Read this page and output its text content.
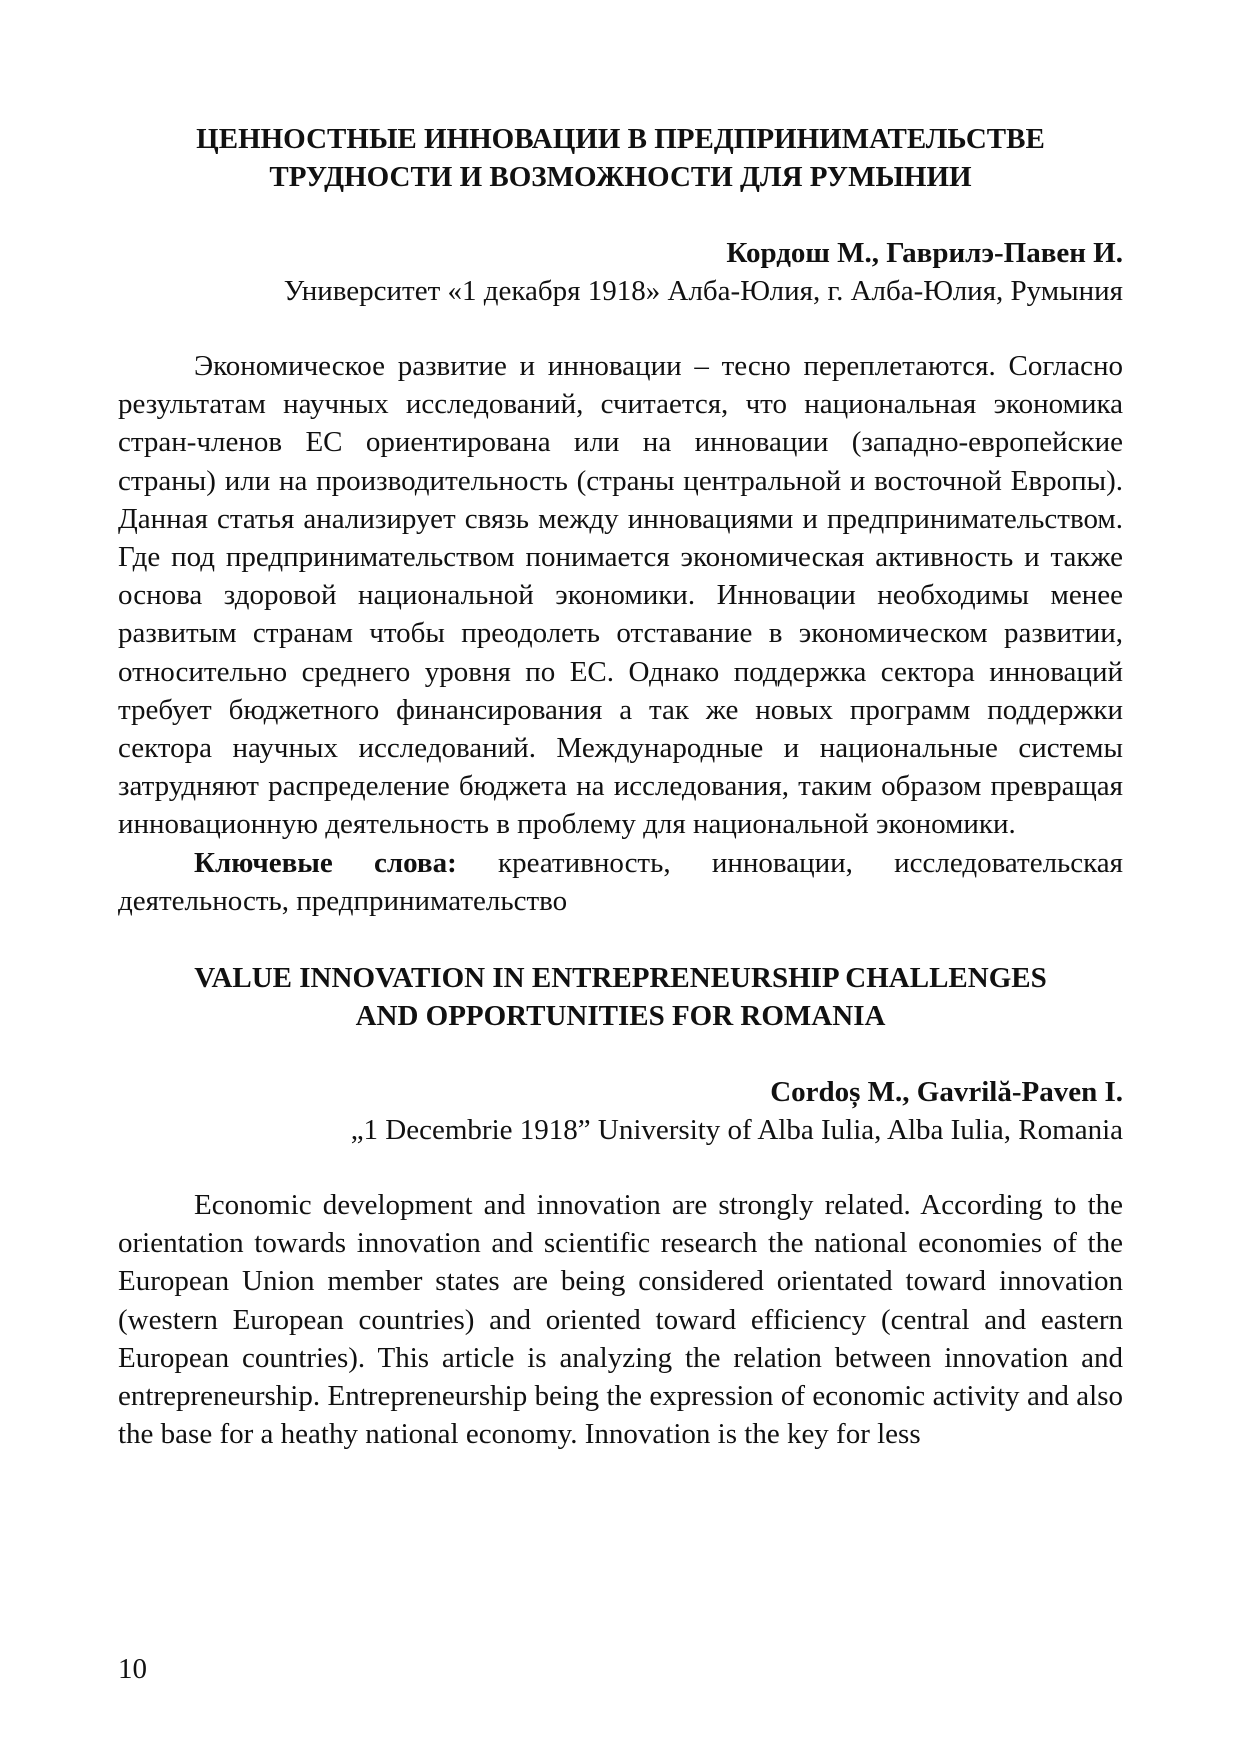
ЦЕННОСТНЫЕ ИННОВАЦИИ В ПРЕДПРИНИМАТЕЛЬСТВЕ
ТРУДНОСТИ И ВОЗМОЖНОСТИ ДЛЯ РУМЫНИИ

Кордош М., Гаврилэ-Павен И.

Университет «1 декабря 1918» Алба-Юлия, г. Алба-Юлия, Румыния

Экономическое развитие и инновации – тесно переплетаются. Согласно результатам научных исследований, считается, что национальная экономика стран-членов ЕС ориентирована или на инновации (западно-европейские страны) или на производительность (страны центральной и восточной Европы). Данная статья анализирует связь между инновациями и предпринимательством. Где под предпринимательством понимается экономическая активность и также основа здоровой национальной экономики. Инновации необходимы менее развитым странам чтобы преодолеть отставание в экономическом развитии, относительно среднего уровня по ЕС. Однако поддержка сектора инноваций требует бюджетного финансирования а так же новых программ поддержки сектора научных исследований. Международные и национальные системы затрудняют распределение бюджета на исследования, таким образом превращая инновационную деятельность в проблему для национальной экономики.

Ключевые слова: креативность, инновации, исследовательская деятельность, предпринимательство

VALUE INNOVATION IN ENTREPRENEURSHIP CHALLENGES
AND OPPORTUNITIES FOR ROMANIA

Cordoș M., Gavrilă-Paven I.

„1 Decembrie 1918” University of Alba Iulia, Alba Iulia, Romania

Economic development and innovation are strongly related. According to the orientation towards innovation and scientific research the national economies of the European Union member states are being considered orientated toward innovation (western European countries) and oriented toward efficiency (central and eastern European countries). This article is analyzing the relation between innovation and entrepreneurship. Entrepreneurship being the expression of economic activity and also the base for a heathy national economy. Innovation is the key for less

10
